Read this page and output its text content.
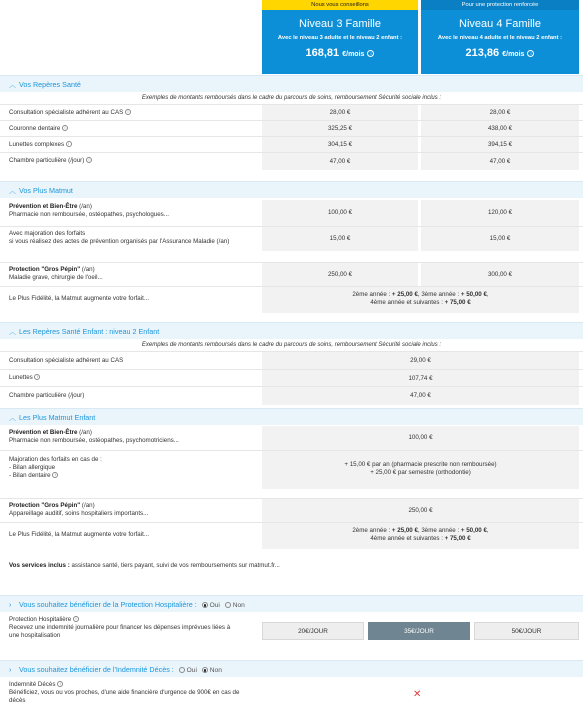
Nous vous conseillons
Niveau 3 Famille
Avec le niveau 3 adulte et le niveau 2 enfant :
168,81 €/mois i
Pour une protection renforcée
Niveau 4 Famille
Avec le niveau 4 adulte et le niveau 2 enfant :
213,86 €/mois i
︿ Vos Repères Santé
Exemples de montants remboursés dans le cadre du parcours de soins, remboursement Sécurité sociale inclus :
Consultation spécialiste adhérent au CAS i	28,00 €	28,00 €
Couronne dentaire i	325,25 €	438,00 €
Lunettes complexes i	304,15 €	394,15 €
Chambre particulière (/jour) i	47,00 €	47,00 €
︿ Vos Plus Matmut
Prévention et Bien-Être (/an)
Pharmacie non remboursée, ostéopathes, psychologues...	100,00 €	120,00 €
Avec majoration des forfaits
si vous réalisez des actes de prévention organisés par l'Assurance Maladie (/an)	15,00 €	15,00 €
Protection "Gros Pépin" (/an)
Maladie grave, chirurgie de l'oeil...	250,00 €	300,00 €
Le Plus Fidélité, la Matmut augmente votre forfait...
2ème année : + 25,00 €, 3ème année : + 50,00 €,
4ème année et suivantes : + 75,00 €
︿ Les Repères Santé Enfant : niveau 2 Enfant
Exemples de montants remboursés dans le cadre du parcours de soins, remboursement Sécurité sociale inclus :
Consultation spécialiste adhérent au CAS	29,00 €
Lunettes i	107,74 €
Chambre particulière (/jour)	47,00 €
︿ Les Plus Matmut Enfant
Prévention et Bien-Être (/an)
Pharmacie non remboursée, ostéopathes, psychomotriciens...	100,00 €
Majoration des forfaits en cas de :
- Bilan allergique
- Bilan dentaire i
+ 15,00 € par an (pharmacie prescrite non remboursée)
+ 25,00 € par semestre (orthodontie)
Protection "Gros Pépin" (/an)
Appareillage auditif, soins hospitaliers importants...	250,00 €
Le Plus Fidélité, la Matmut augmente votre forfait...
2ème année : + 25,00 €, 3ème année : + 50,00 €,
4ème année et suivantes : + 75,00 €
Vos services inclus : assistance santé, tiers payant, suivi de vos remboursements sur matmut.fr...
› Vous souhaitez bénéficier de la Protection Hospitalière : Oui Non
Protection Hospitalière i
Recevez une indemnité journalière pour financer les dépenses imprévues liées à
une hospitalisation
20€/JOUR	35€/JOUR	50€/JOUR
› Vous souhaitez bénéficier de l'Indemnité Décès : Oui Non
Indemnité Décès i
Bénéficiez, vous ou vos proches, d'une aide financière d'urgence de 900€ en cas de
décès
✕
